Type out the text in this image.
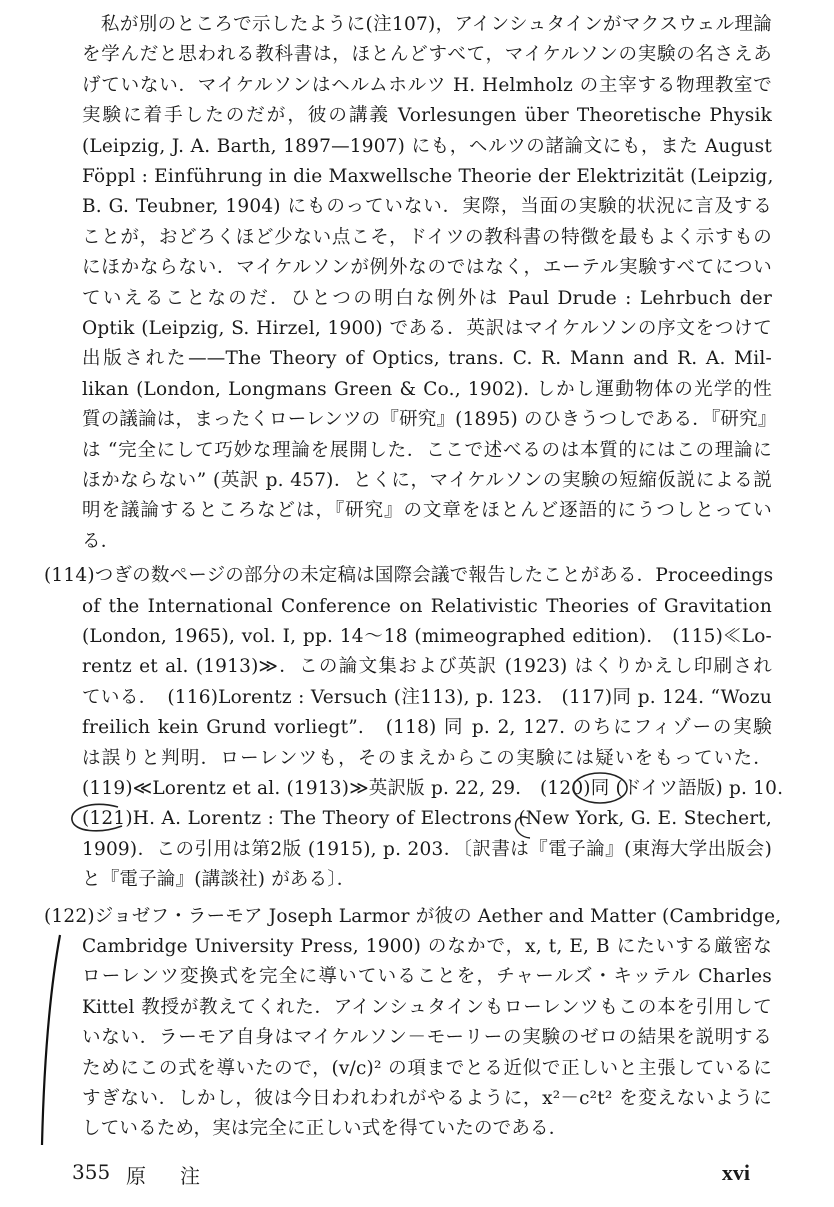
　私が別のところで示したように(注107)，アインシュタインがマクスウェル理論
を学んだと思われる教科書は，ほとんどすべて，マイケルソンの実験の名さえあ
げていない．マイケルソンはヘルムホルツ H. Helmholz の主宰する物理教室で
実験に着手したのだが，彼の講義 Vorlesungen über Theoretische Physik
(Leipzig, J. A. Barth, 1897—1907) にも，ヘルツの諸論文にも，また August
Föppl : Einführung in die Maxwellsche Theorie der Elektrizität (Leipzig,
B. G. Teubner, 1904) にものっていない．実際，当面の実験的状況に言及する
ことが，おどろくほど少ない点こそ，ドイツの教科書の特徴を最もよく示すもの
にほかならない．マイケルソンが例外なのではなく，エーテル実験すべてについ
ていえることなのだ．ひとつの明白な例外は Paul Drude : Lehrbuch der
Optik (Leipzig, S. Hirzel, 1900) である．英訳はマイケルソンの序文をつけて
出版された——The Theory of Optics, trans. C. R. Mann and R. A. Mil-
likan (London, Longmans Green & Co., 1902). しかし運動物体の光学的性
質の議論は，まったくローレンツの『研究』(1895) のひきうつしである．『研究』
は “完全にして巧妙な理論を展開した．ここで述べるのは本質的にはこの理論に
ほかならない” (英訳 p. 457)．とくに，マイケルソンの実験の短縮仮説による説
明を議論するところなどは，『研究』の文章をほとんど逐語的にうつしとってい
る．
(114)つぎの数ページの部分の未定稿は国際会議で報告したことがある．Proceedings
of the International Conference on Relativistic Theories of Gravitation
(London, 1965), vol. I, pp. 14～18 (mimeographed edition).　(115)≪Lo-
rentz et al. (1913)≫．この論文集および英訳 (1923) はくりかえし印刷され
ている．　(116)Lorentz : Versuch (注113), p. 123.　(117)同 p. 124. “Wozu
freilich kein Grund vorliegt”.　(118) 同 p. 2, 127. のちにフィゾーの実験
は誤りと判明．ローレンツも，そのまえからこの実験には疑いをもっていた．
(119)≪Lorentz et al. (1913)≫英訳版 p. 22, 29.　(120)同 (ドイツ語版) p. 10.
(121)H. A. Lorentz : The Theory of Electrons (New York, G. E. Stechert,
1909)．この引用は第2版 (1915), p. 203．〔訳書は『電子論』(東海大学出版会)
と『電子論』(講談社) がある〕．
(122)ジョゼフ・ラーモア Joseph Larmor が彼の Aether and Matter (Cambridge,
Cambridge University Press, 1900) のなかで，x, t, E, B にたいする厳密な
ローレンツ変換式を完全に導いていることを，チャールズ・キッテル Charles
Kittel 教授が教えてくれた．アインシュタインもローレンツもこの本を引用して
いない．ラーモア自身はマイケルソン－モーリーの実験のゼロの結果を説明する
ためにこの式を導いたので，(v/c)² の項までとる近似で正しいと主張しているに
すぎない．しかし，彼は今日われわれがやるように，x²－c²t² を変えないように
しているため，実は完全に正しい式を得ていたのである．
355 原注	xvi
